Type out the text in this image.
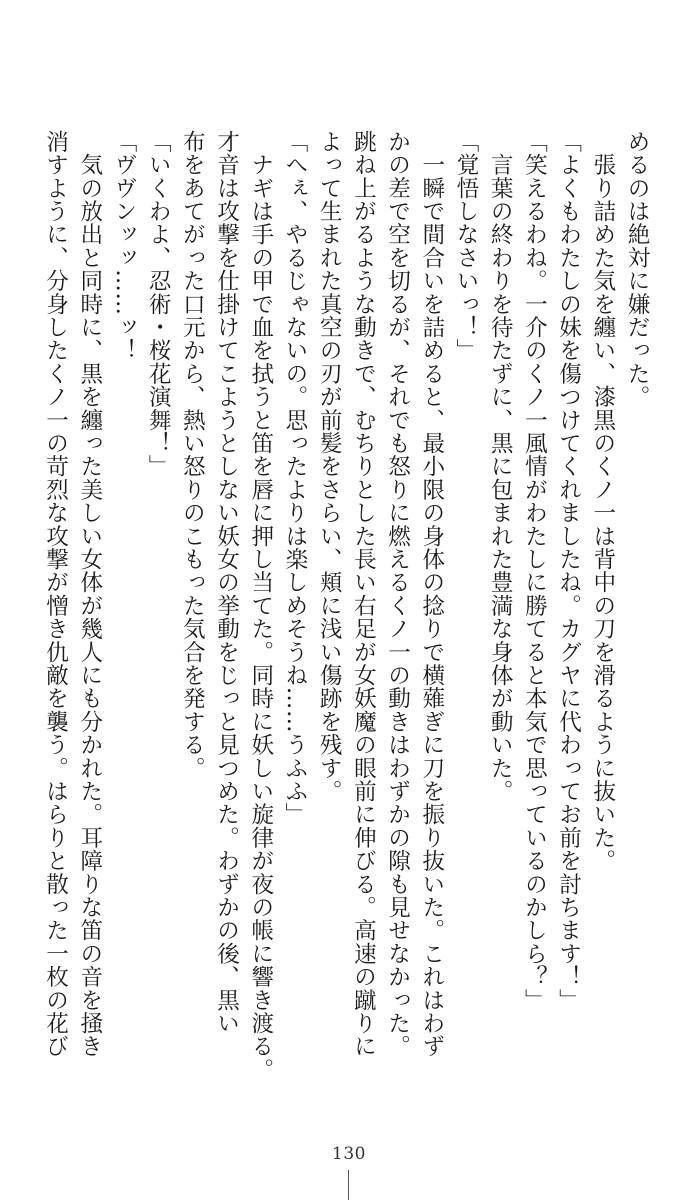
めるのは絶対に嫌だった。
　張り詰めた気を纏い、漆黒のくノ一は背中の刀を滑るように抜いた。
「よくもわたしの妹を傷つけてくれましたね。カグヤに代わってお前を討ちます！」
「笑えるわね。一介のくノ一風情がわたしに勝てると本気で思っているのかしら？」
　言葉の終わりを待たずに、黒に包まれた豊満な身体が動いた。
「覚悟しなさいっ！」
　一瞬で間合いを詰めると、最小限の身体の捻りで横薙ぎに刀を振り抜いた。これはわず
かの差で空を切るが、それでも怒りに燃えるくノ一の動きはわずかの隙も見せなかった。
跳ね上がるような動きで、むちりとした長い右足が女妖魔の眼前に伸びる。高速の蹴りに
よって生まれた真空の刃が前髪をさらい、頬に浅い傷跡を残す。
「へぇ、やるじゃないの。思ったよりは楽しめそうね……うふふ」
　ナギは手の甲で血を拭うと笛を唇に押し当てた。同時に妖しい旋律が夜の帳に響き渡る。
才音は攻撃を仕掛けてこようとしない妖女の挙動をじっと見つめた。わずかの後、黒い
布をあてがった口元から、熱い怒りのこもった気合を発する。
「いくわよ、忍術・桜花演舞！」
「ヴヴンッッ……ッ！
　気の放出と同時に、黒を纏った美しい女体が幾人にも分かれた。耳障りな笛の音を掻き
消すように、分身したくノ一の苛烈な攻撃が憎き仇敵を襲う。はらりと散った一枚の花び
130
